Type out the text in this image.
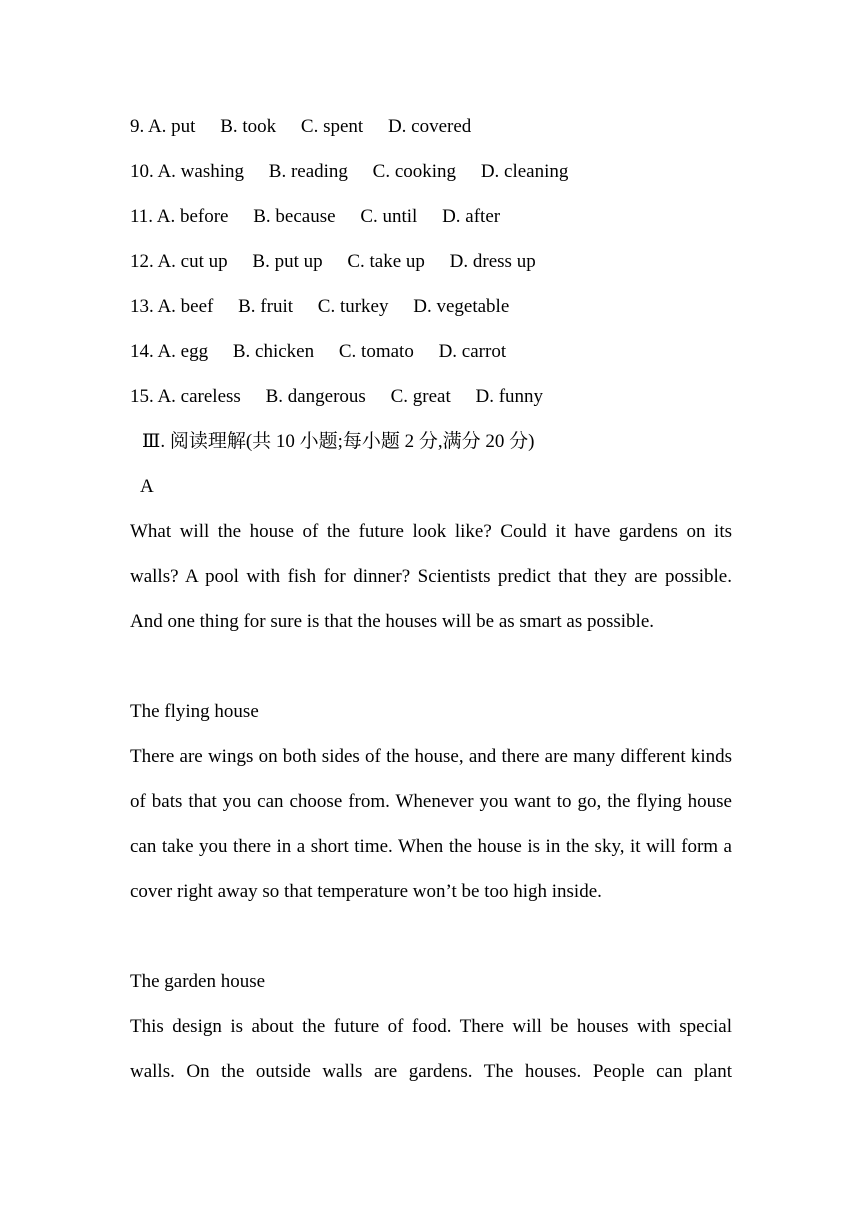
9. A. put B. took C. spent D. covered
10. A. washing B. reading C. cooking D. cleaning
11. A. before B. because C. until D. after
12. A. cut up B. put up C. take up D. dress up
13. A. beef B. fruit C. turkey D. vegetable
14. A. egg B. chicken C. tomato D. carrot
15. A. careless B. dangerous C. great D. funny
Ⅲ. 阅读理解(共 10 小题;每小题 2 分,满分 20 分)
A
What will the house of the future look like? Could it have gardens on its walls? A pool with fish for dinner? Scientists predict that they are possible. And one thing for sure is that the houses will be as smart as possible.
The flying house
There are wings on both sides of the house, and there are many different kinds of bats that you can choose from. Whenever you want to go, the flying house can take you there in a short time. When the house is in the sky, it will form a cover right away so that temperature won’t be too high inside.
The garden house
This design is about the future of food. There will be houses with special walls. On the outside walls are gardens. The houses. People can plant
